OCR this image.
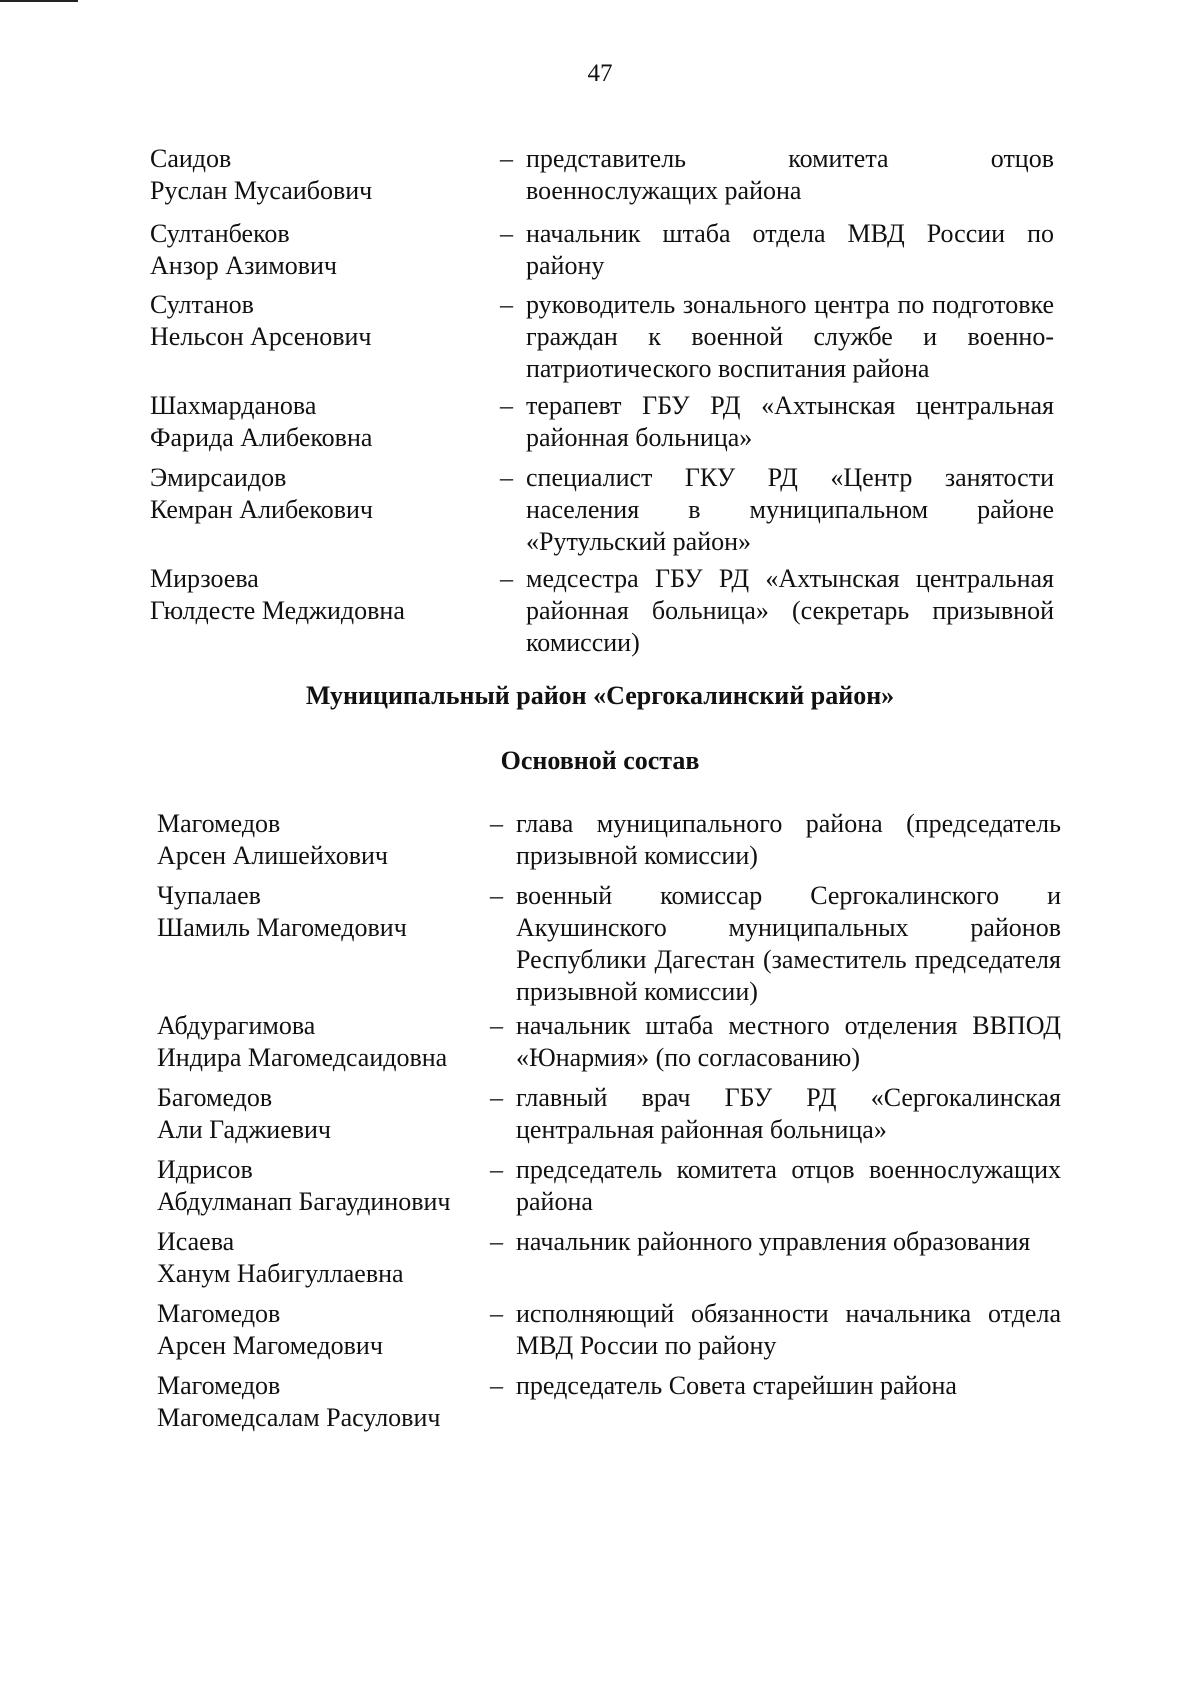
47
Муниципальный район «Сергокалинский район»
Основной состав
Саидов
Руслан Мусаибович
– представитель комитета отцов военнослужащих района
Султанбеков
Анзор Азимович
– начальник штаба отдела МВД России по району
Султанов
Нельсон Арсенович
– руководитель зонального центра по подготовке граждан к военной службе и военно-патриотического воспитания района
Шахмарданова
Фарида Алибековна
– терапевт ГБУ РД «Ахтынская центральная районная больница»
Эмирсаидов
Кемран Алибекович
– специалист ГКУ РД «Центр занятости населения в муниципальном районе «Рутульский район»
Мирзоева
Гюлдесте Меджидовна
– медсестра ГБУ РД «Ахтынская центральная районная больница» (секретарь призывной комиссии)
Магомедов
Арсен Алишейхович
– глава муниципального района (председатель призывной комиссии)
Чупалаев
Шамиль Магомедович
– военный комиссар Сергокалинского и Акушинского муниципальных районов Республики Дагестан (заместитель председателя призывной комиссии)
Абдурагимова
Индира Магомедсаидовна
– начальник штаба местного отделения ВВПОД «Юнармия» (по согласованию)
Багомедов
Али Гаджиевич
– главный врач ГБУ РД «Сергокалинская центральная районная больница»
Идрисов
Абдулманап Багаудинович
– председатель комитета отцов военнослужащих района
Исаева
Ханум Набигуллаевна
– начальник районного управления образования
Магомедов
Арсен Магомедович
– исполняющий обязанности начальника отдела МВД России по району
Магомедов
Магомедсалам Расулович
– председатель Совета старейшин района
